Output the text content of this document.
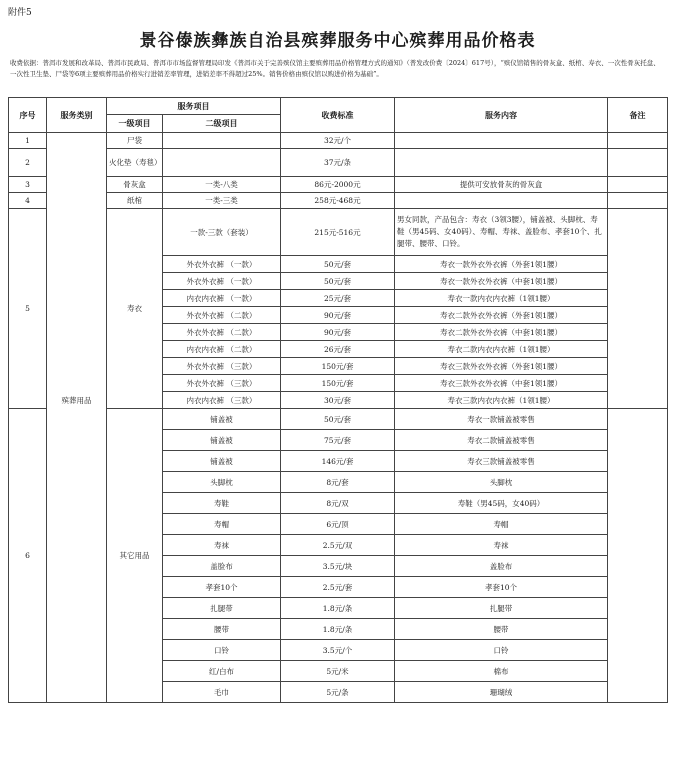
附件5
景谷傣族彝族自治县殡葬服务中心殡葬用品价格表
收费依据：普洱市发展和改革局、普洱市民政局、普洱市市场监督管理局印发《普洱市关于完善殡仪馆主要殡葬用品价格管理方式的通知》（普发改价费〔2024〕617号），“殡仪馆销售的骨灰盒、纸棺、寿衣、一次性骨灰托盘、一次性卫生垫、尸袋等6项主要殡葬用品价格实行进销差率管理，进销差率不得超过25%。销售价格由殡仪馆以购进价格为基础”。
序号	服务类别	服务项目		收费标准	服务内容	备注
		一级项目	二级项目			
1	殡葬用品	尸袋		32元/个		
2		火化垫（寿毯）		37元/条		
3		骨灰盒	一类-八类	86元-2000元	提供可安放骨灰的骨灰盒	
4		纸棺	一类-三类	258元-468元		
5		寿衣	一款-三款（套装）	215元-516元	男女同款，产品包含：寿衣（3领3腰），铺盖被、头脚枕、寿鞋（男45码、女40码）、寿帽、寿袜、盖脸布、孝套10个、扎腿带、腰带、口铃。	
			外衣外衣裤 （一款）	50元/套	寿衣一款外衣外衣裤（外套1领1腰）	
			外衣外衣裤 （一款）	50元/套	寿衣一款外衣外衣裤（中套1领1腰）	
			内衣内衣裤 （一款）	25元/套	寿衣一款内衣内衣裤（1领1腰）	
			外衣外衣裤 （二款）	90元/套	寿衣二款外衣外衣裤（外套1领1腰）	
			外衣外衣裤 （二款）	90元/套	寿衣二款外衣外衣裤（中套1领1腰）	
			内衣内衣裤 （二款）	26元/套	寿衣二款内衣内衣裤（1领1腰）	
			外衣外衣裤 （三款）	150元/套	寿衣三款外衣外衣裤（外套1领1腰）	
			外衣外衣裤 （三款）	150元/套	寿衣三款外衣外衣裤（中套1领1腰）	
			内衣内衣裤 （三款）	30元/套	寿衣三款内衣内衣裤（1领1腰）	
6		其它用品	铺盖被	50元/套	寿衣一款铺盖被零售	
			铺盖被	75元/套	寿衣二款铺盖被零售	
			铺盖被	146元/套	寿衣三款铺盖被零售	
			头脚枕	8元/套	头脚枕	
			寿鞋	8元/双	寿鞋（男45码，女40码）	
			寿帽	6元/顶	寿帽	
			寿袜	2.5元/双	寿袜	
			盖脸布	3.5元/块	盖脸布	
			孝套10个	2.5元/套	孝套10个	
			扎腿带	1.8元/条	扎腿带	
			腰带	1.8元/条	腰带	
			口铃	3.5元/个	口铃	
			红/白布	5元/米	棉布	
			毛巾	5元/条	珊瑚绒	
